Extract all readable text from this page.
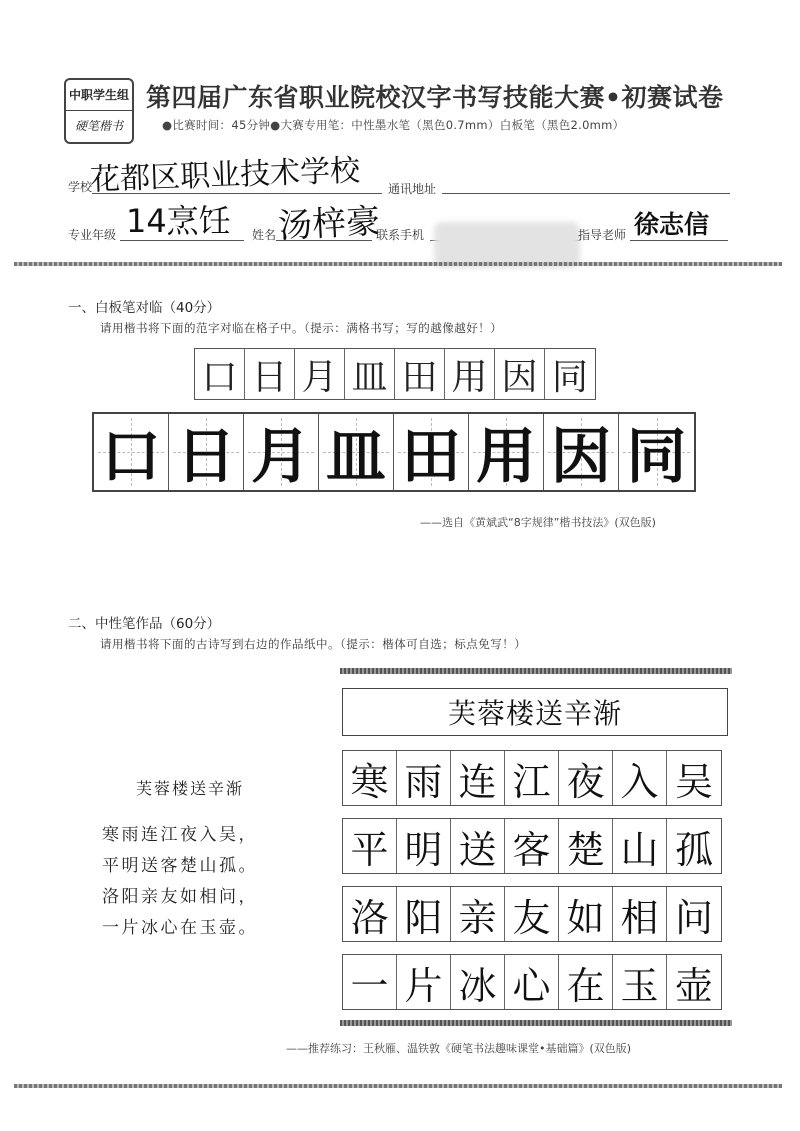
中职学生组
硬笔楷书
第四届广东省职业院校汉字书写技能大赛•初赛试卷
●比赛时间：45分钟●大赛专用笔：中性墨水笔（黑色0.7mm）白板笔（黑色2.0mm）
学校
花都区职业技术学校 通讯地址
专业年级 14烹饪 姓名 汤梓豪
联系手机	指导老师 徐志信
一、白板笔对临（40分）
请用楷书将下面的范字对临在格子中。（提示：满格书写；写的越像越好！）
口 日 月 皿 田 用 因 同
口 日 月 皿 田 用 因 同
——选自《黄斌武“8字规律”楷书技法》(双色版)
二、中性笔作品（60分）
请用楷书将下面的古诗写到右边的作品纸中。（提示：楷体可自选；标点免写！）
芙蓉楼送辛渐
寒雨连江夜入吴，
平明送客楚山孤。
洛阳亲友如相问，
一片冰心在玉壶。
芙蓉楼送辛渐
寒 雨 连 江 夜 入 吴
平 明 送 客 楚 山 孤
洛 阳 亲 友 如 相 问
一 片 冰 心 在 玉 壶
——推荐练习：王秋雁、温铁敦《硬笔书法趣味课堂•基础篇》(双色版)
